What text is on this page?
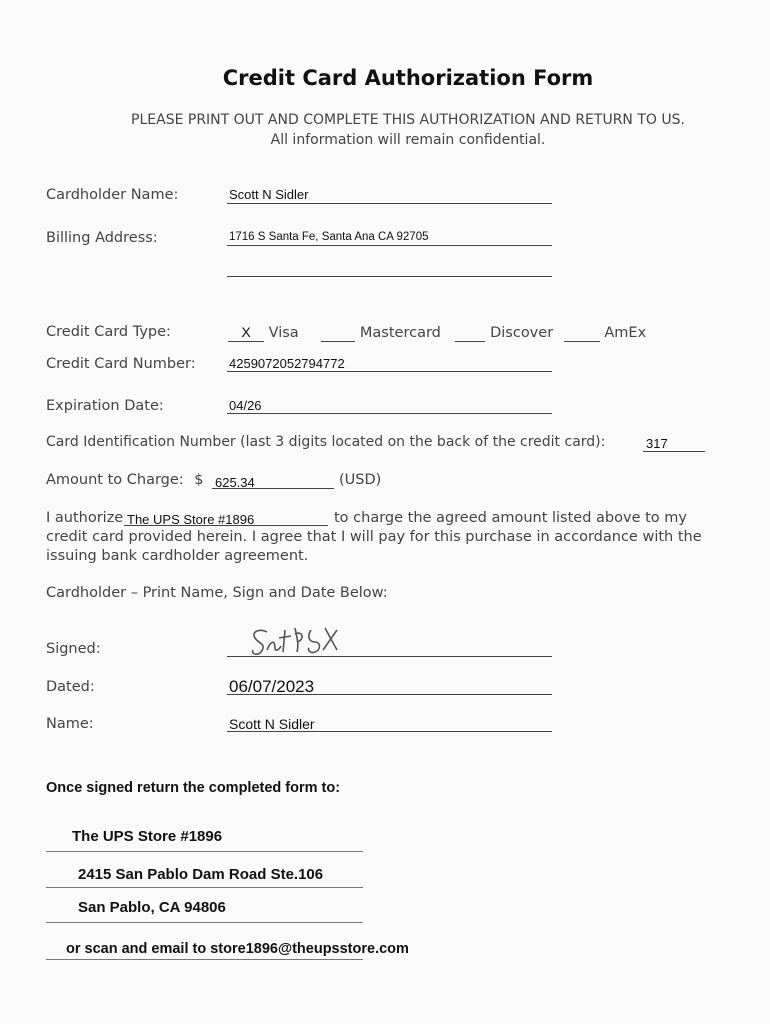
Credit Card Authorization Form
PLEASE PRINT OUT AND COMPLETE THIS AUTHORIZATION AND RETURN TO US.
All information will remain confidential.
Cardholder Name:	Scott N Sidler
Billing Address:	1716 S Santa Fe, Santa Ana CA 92705
Credit Card Type:	X Visa	Mastercard	Discover	AmEx
Credit Card Number:	4259072052794772
Expiration Date:	04/26
Card Identification Number (last 3 digits located on the back of the credit card):	317
Amount to Charge: $ 625.34	(USD)
I authorize The UPS Store #1896	to charge the agreed amount listed above to my
credit card provided herein. I agree that I will pay for this purchase in accordance with the
issuing bank cardholder agreement.
Cardholder – Print Name, Sign and Date Below:
Signed:
Dated:	06/07/2023
Name:	Scott N Sidler
Once signed return the completed form to:
The UPS Store #1896
2415 San Pablo Dam Road Ste.106
San Pablo, CA 94806
or scan and email to store1896@theupsstore.com
